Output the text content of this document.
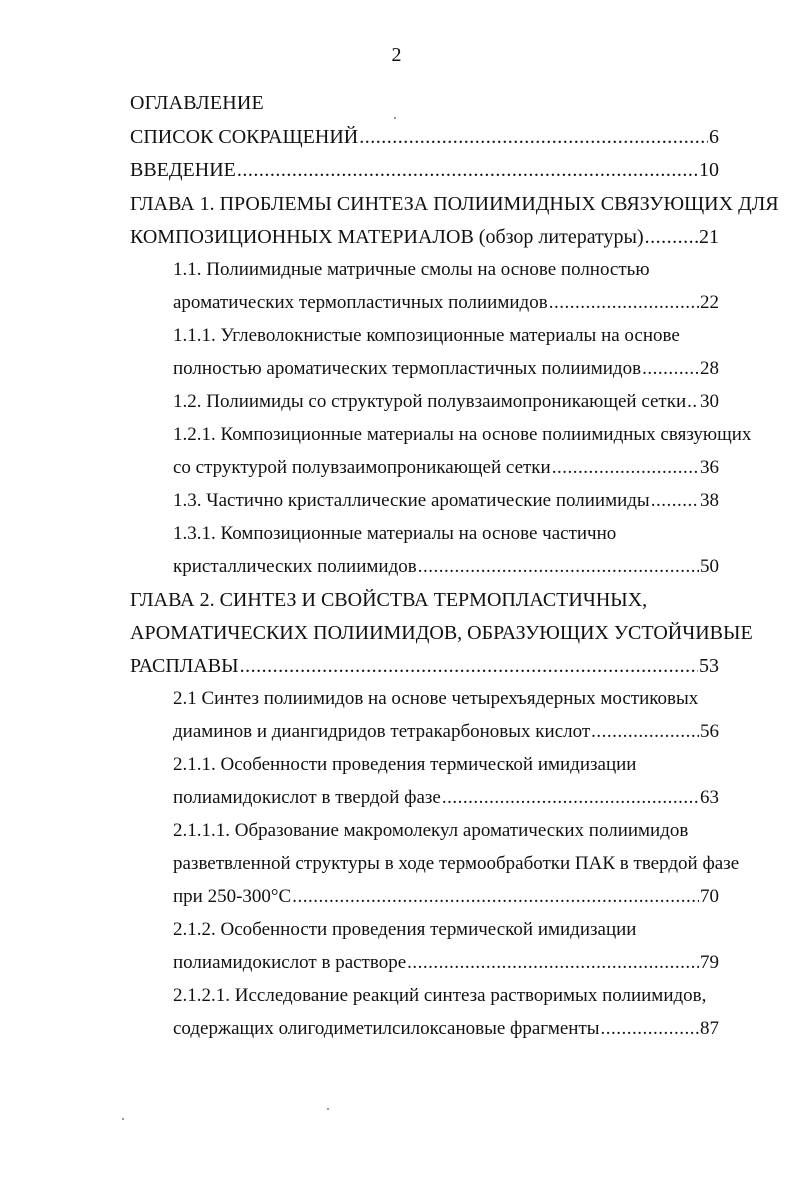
2
ОГЛАВЛЕНИЕ
СПИСОК СОКРАЩЕНИЙ .....	6
ВВЕДЕНИЕ .....	10
ГЛАВА 1. ПРОБЛЕМЫ СИНТЕЗА ПОЛИИМИДНЫХ СВЯЗУЮЩИХ ДЛЯ
КОМПОЗИЦИОННЫХ МАТЕРИАЛОВ (обзор литературы) .....	21
1.1. Полиимидные матричные смолы на основе полностью
ароматических термопластичных полиимидов .....	22
1.1.1. Углеволокнистые композиционные материалы на основе
полностью ароматических термопластичных полиимидов .....	28
1.2. Полиимиды со структурой полувзаимопроникающей сетки ..... 30
1.2.1. Композиционные материалы на основе полиимидных связующих
со структурой полувзаимопроникающей сетки .....	36
1.3. Частично кристаллические ароматические полиимиды .....	38
1.3.1. Композиционные материалы на основе частично
кристаллических полиимидов .....	50
ГЛАВА 2. СИНТЕЗ И СВОЙСТВА ТЕРМОПЛАСТИЧНЫХ,
АРОМАТИЧЕСКИХ ПОЛИИМИДОВ, ОБРАЗУЮЩИХ УСТОЙЧИВЫЕ
РАСПЛАВЫ .....	53
2.1 Синтез полиимидов на основе четырехъядерных мостиковых
диаминов и диангидридов тетракарбоновых кислот .....	56
2.1.1. Особенности проведения термической имидизации
полиамидокислот в твердой фазе .....	63
2.1.1.1. Образование макромолекул ароматических полиимидов
разветвленной структуры в ходе термообработки ПАК в твердой фазе
при 250-300°С .....	70
2.1.2. Особенности проведения термической имидизации
полиамидокислот в растворе .....	79
2.1.2.1. Исследование реакций синтеза растворимых полиимидов,
содержащих олигодиметилсилоксановые фрагменты .....	87
